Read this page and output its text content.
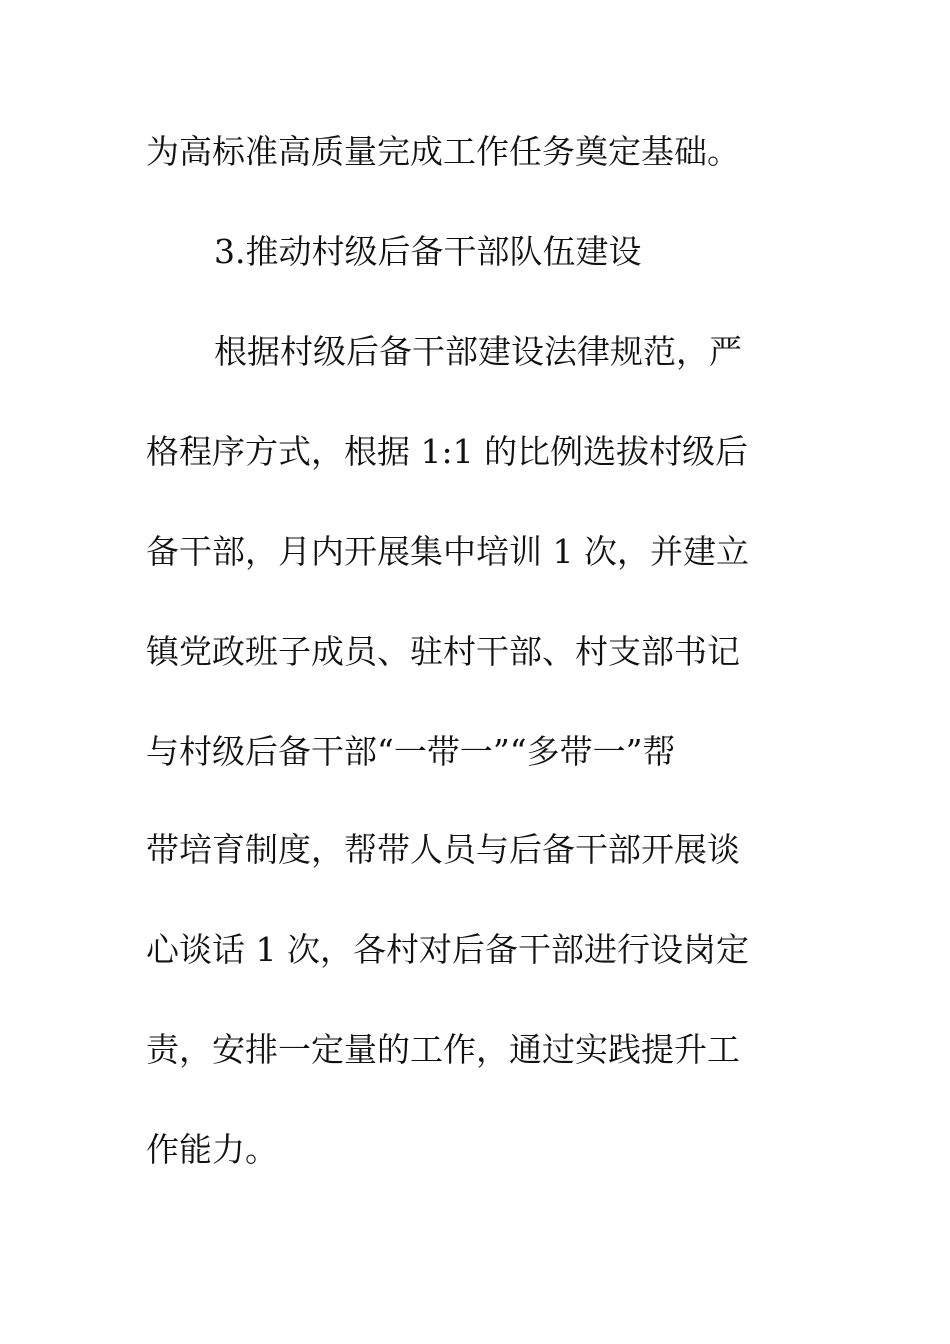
为高标准高质量完成工作任务奠定基础。
3.推动村级后备干部队伍建设
根据村级后备干部建设法律规范，严
格程序方式，根据 1:1 的比例选拔村级后
备干部，月内开展集中培训 1 次，并建立
镇党政班子成员、驻村干部、村支部书记
与村级后备干部“一带一”“多带一”帮
带培育制度，帮带人员与后备干部开展谈
心谈话 1 次，各村对后备干部进行设岗定
责，安排一定量的工作，通过实践提升工
作能力。
